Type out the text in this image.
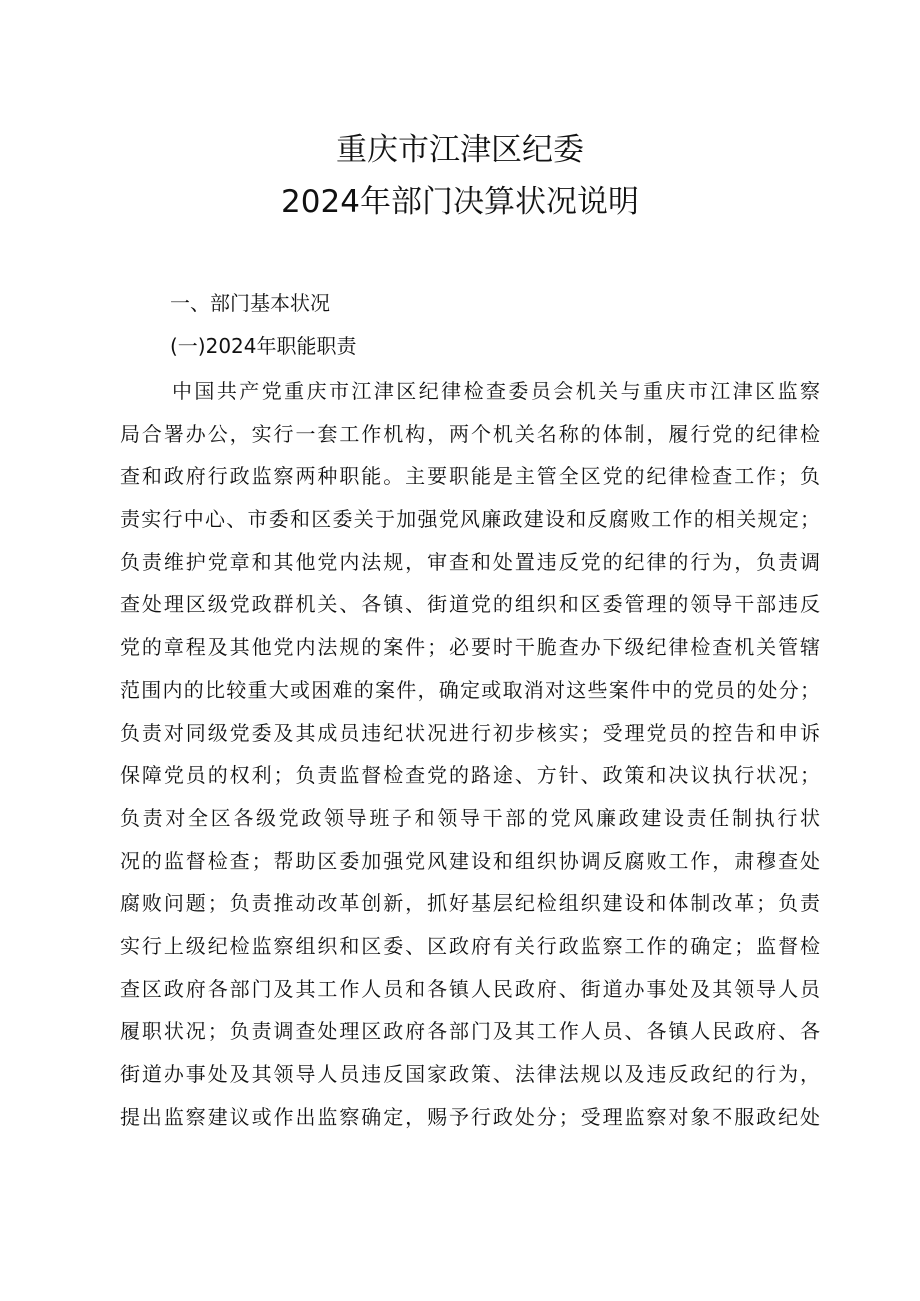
重庆市江津区纪委
2024年部门决算状况说明
一、部门基本状况
(一)2024年职能职责
中国共产党重庆市江津区纪律检查委员会机关与重庆市江津区监察
局合署办公，实行一套工作机构，两个机关名称的体制，履行党的纪律检
查和政府行政监察两种职能。主要职能是主管全区党的纪律检查工作；负
责实行中心、市委和区委关于加强党风廉政建设和反腐败工作的相关规定；
负责维护党章和其他党内法规，审查和处置违反党的纪律的行为，负责调
查处理区级党政群机关、各镇、街道党的组织和区委管理的领导干部违反
党的章程及其他党内法规的案件；必要时干脆查办下级纪律检查机关管辖
范围内的比较重大或困难的案件，确定或取消对这些案件中的党员的处分；
负责对同级党委及其成员违纪状况进行初步核实；受理党员的控告和申诉
保障党员的权利；负责监督检查党的路途、方针、政策和决议执行状况；
负责对全区各级党政领导班子和领导干部的党风廉政建设责任制执行状
况的监督检查；帮助区委加强党风建设和组织协调反腐败工作，肃穆查处
腐败问题；负责推动改革创新，抓好基层纪检组织建设和体制改革；负责
实行上级纪检监察组织和区委、区政府有关行政监察工作的确定；监督检
查区政府各部门及其工作人员和各镇人民政府、街道办事处及其领导人员
履职状况；负责调查处理区政府各部门及其工作人员、各镇人民政府、各
街道办事处及其领导人员违反国家政策、法律法规以及违反政纪的行为，
提出监察建议或作出监察确定，赐予行政处分；受理监察对象不服政纪处
